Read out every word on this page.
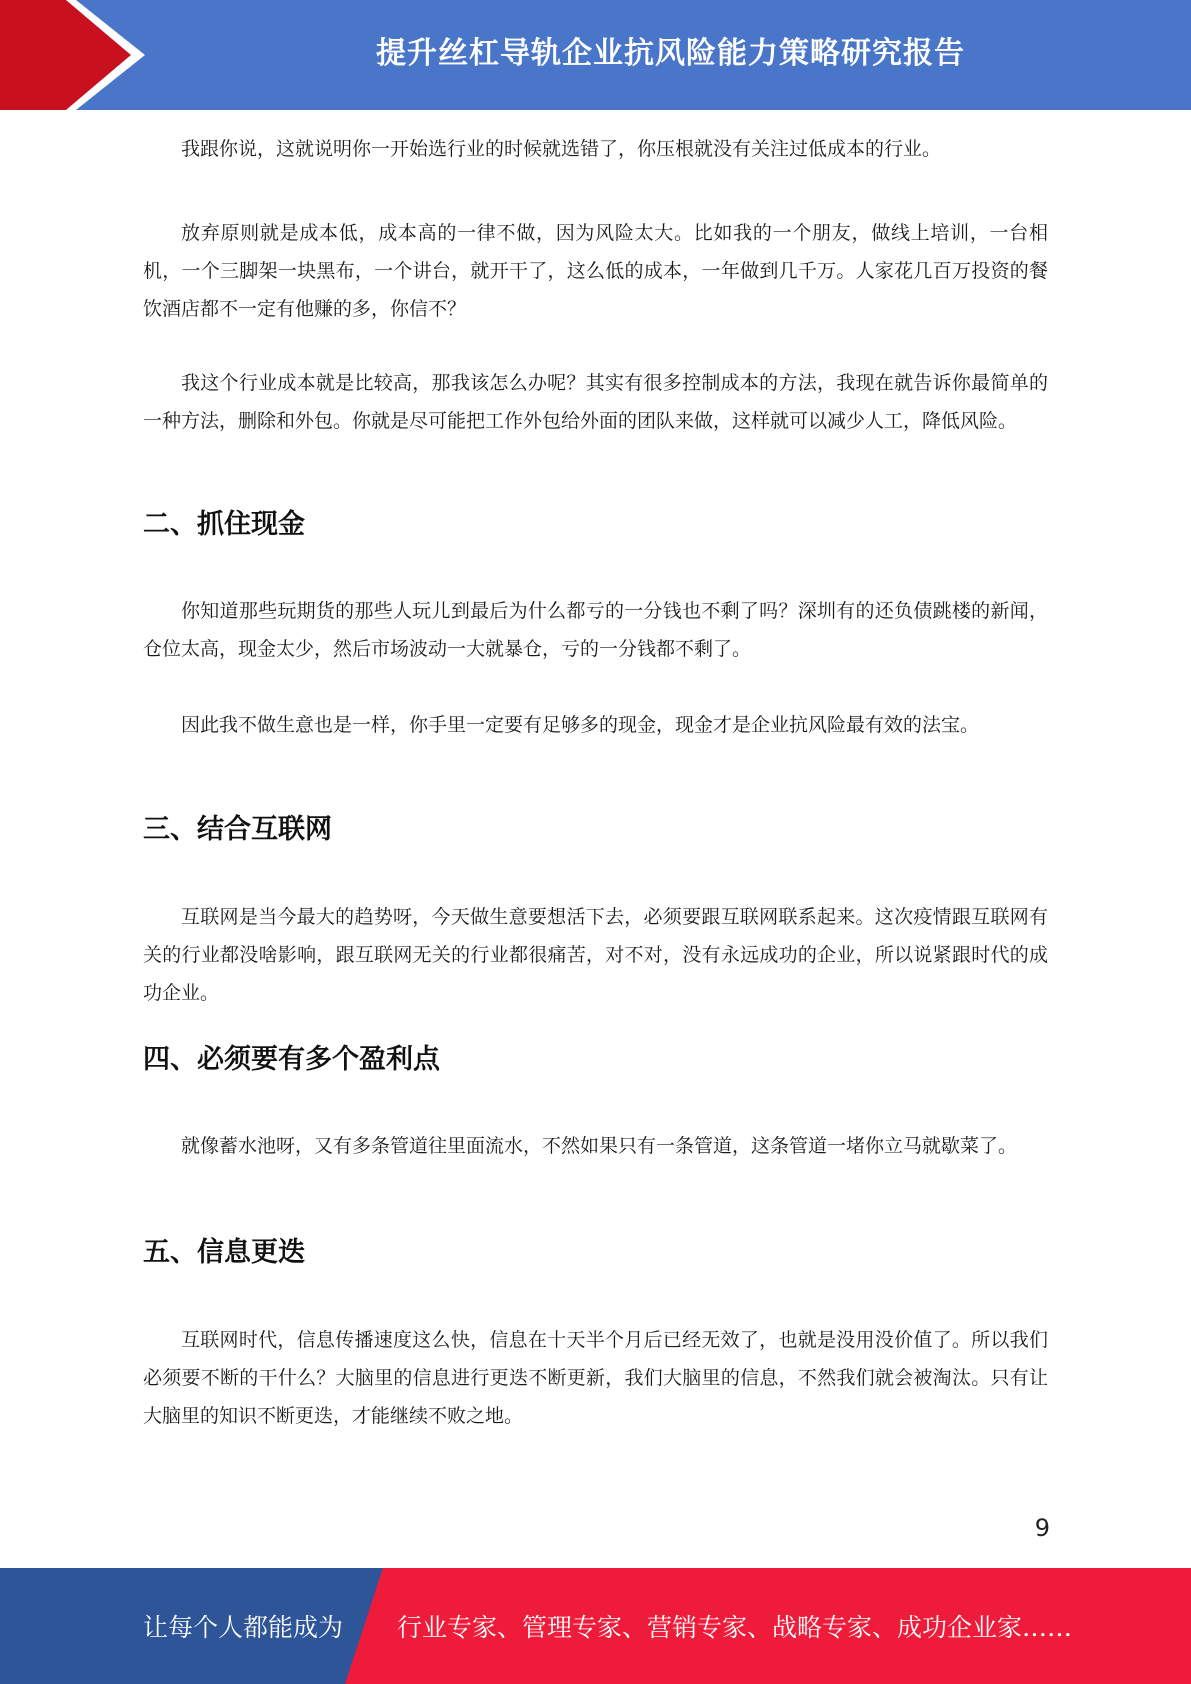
提升丝杠导轨企业抗风险能力策略研究报告

我跟你说，这就说明你一开始选行业的时候就选错了，你压根就没有关注过低成本的行业。

放弃原则就是成本低，成本高的一律不做，因为风险太大。比如我的一个朋友，做线上培训，一台相机，一个三脚架一块黑布，一个讲台，就开干了，这么低的成本，一年做到几千万。人家花几百万投资的餐饮酒店都不一定有他赚的多，你信不？

我这个行业成本就是比较高，那我该怎么办呢？其实有很多控制成本的方法，我现在就告诉你最简单的一种方法，删除和外包。你就是尽可能把工作外包给外面的团队来做，这样就可以减少人工，降低风险。

二、抓住现金

你知道那些玩期货的那些人玩儿到最后为什么都亏的一分钱也不剩了吗？深圳有的还负债跳楼的新闻，仓位太高，现金太少，然后市场波动一大就暴仓，亏的一分钱都不剩了。

因此我不做生意也是一样，你手里一定要有足够多的现金，现金才是企业抗风险最有效的法宝。

三、结合互联网

互联网是当今最大的趋势呀，今天做生意要想活下去，必须要跟互联网联系起来。这次疫情跟互联网有关的行业都没啥影响，跟互联网无关的行业都很痛苦，对不对，没有永远成功的企业，所以说紧跟时代的成功企业。

四、必须要有多个盈利点

就像蓄水池呀，又有多条管道往里面流水，不然如果只有一条管道，这条管道一堵你立马就歇菜了。

五、信息更迭

互联网时代，信息传播速度这么快，信息在十天半个月后已经无效了，也就是没用没价值了。所以我们必须要不断的干什么？大脑里的信息进行更迭不断更新，我们大脑里的信息，不然我们就会被淘汰。只有让大脑里的知识不断更迭，才能继续不败之地。

9
让每个人都能成为 行业专家、管理专家、营销专家、战略专家、成功企业家……
